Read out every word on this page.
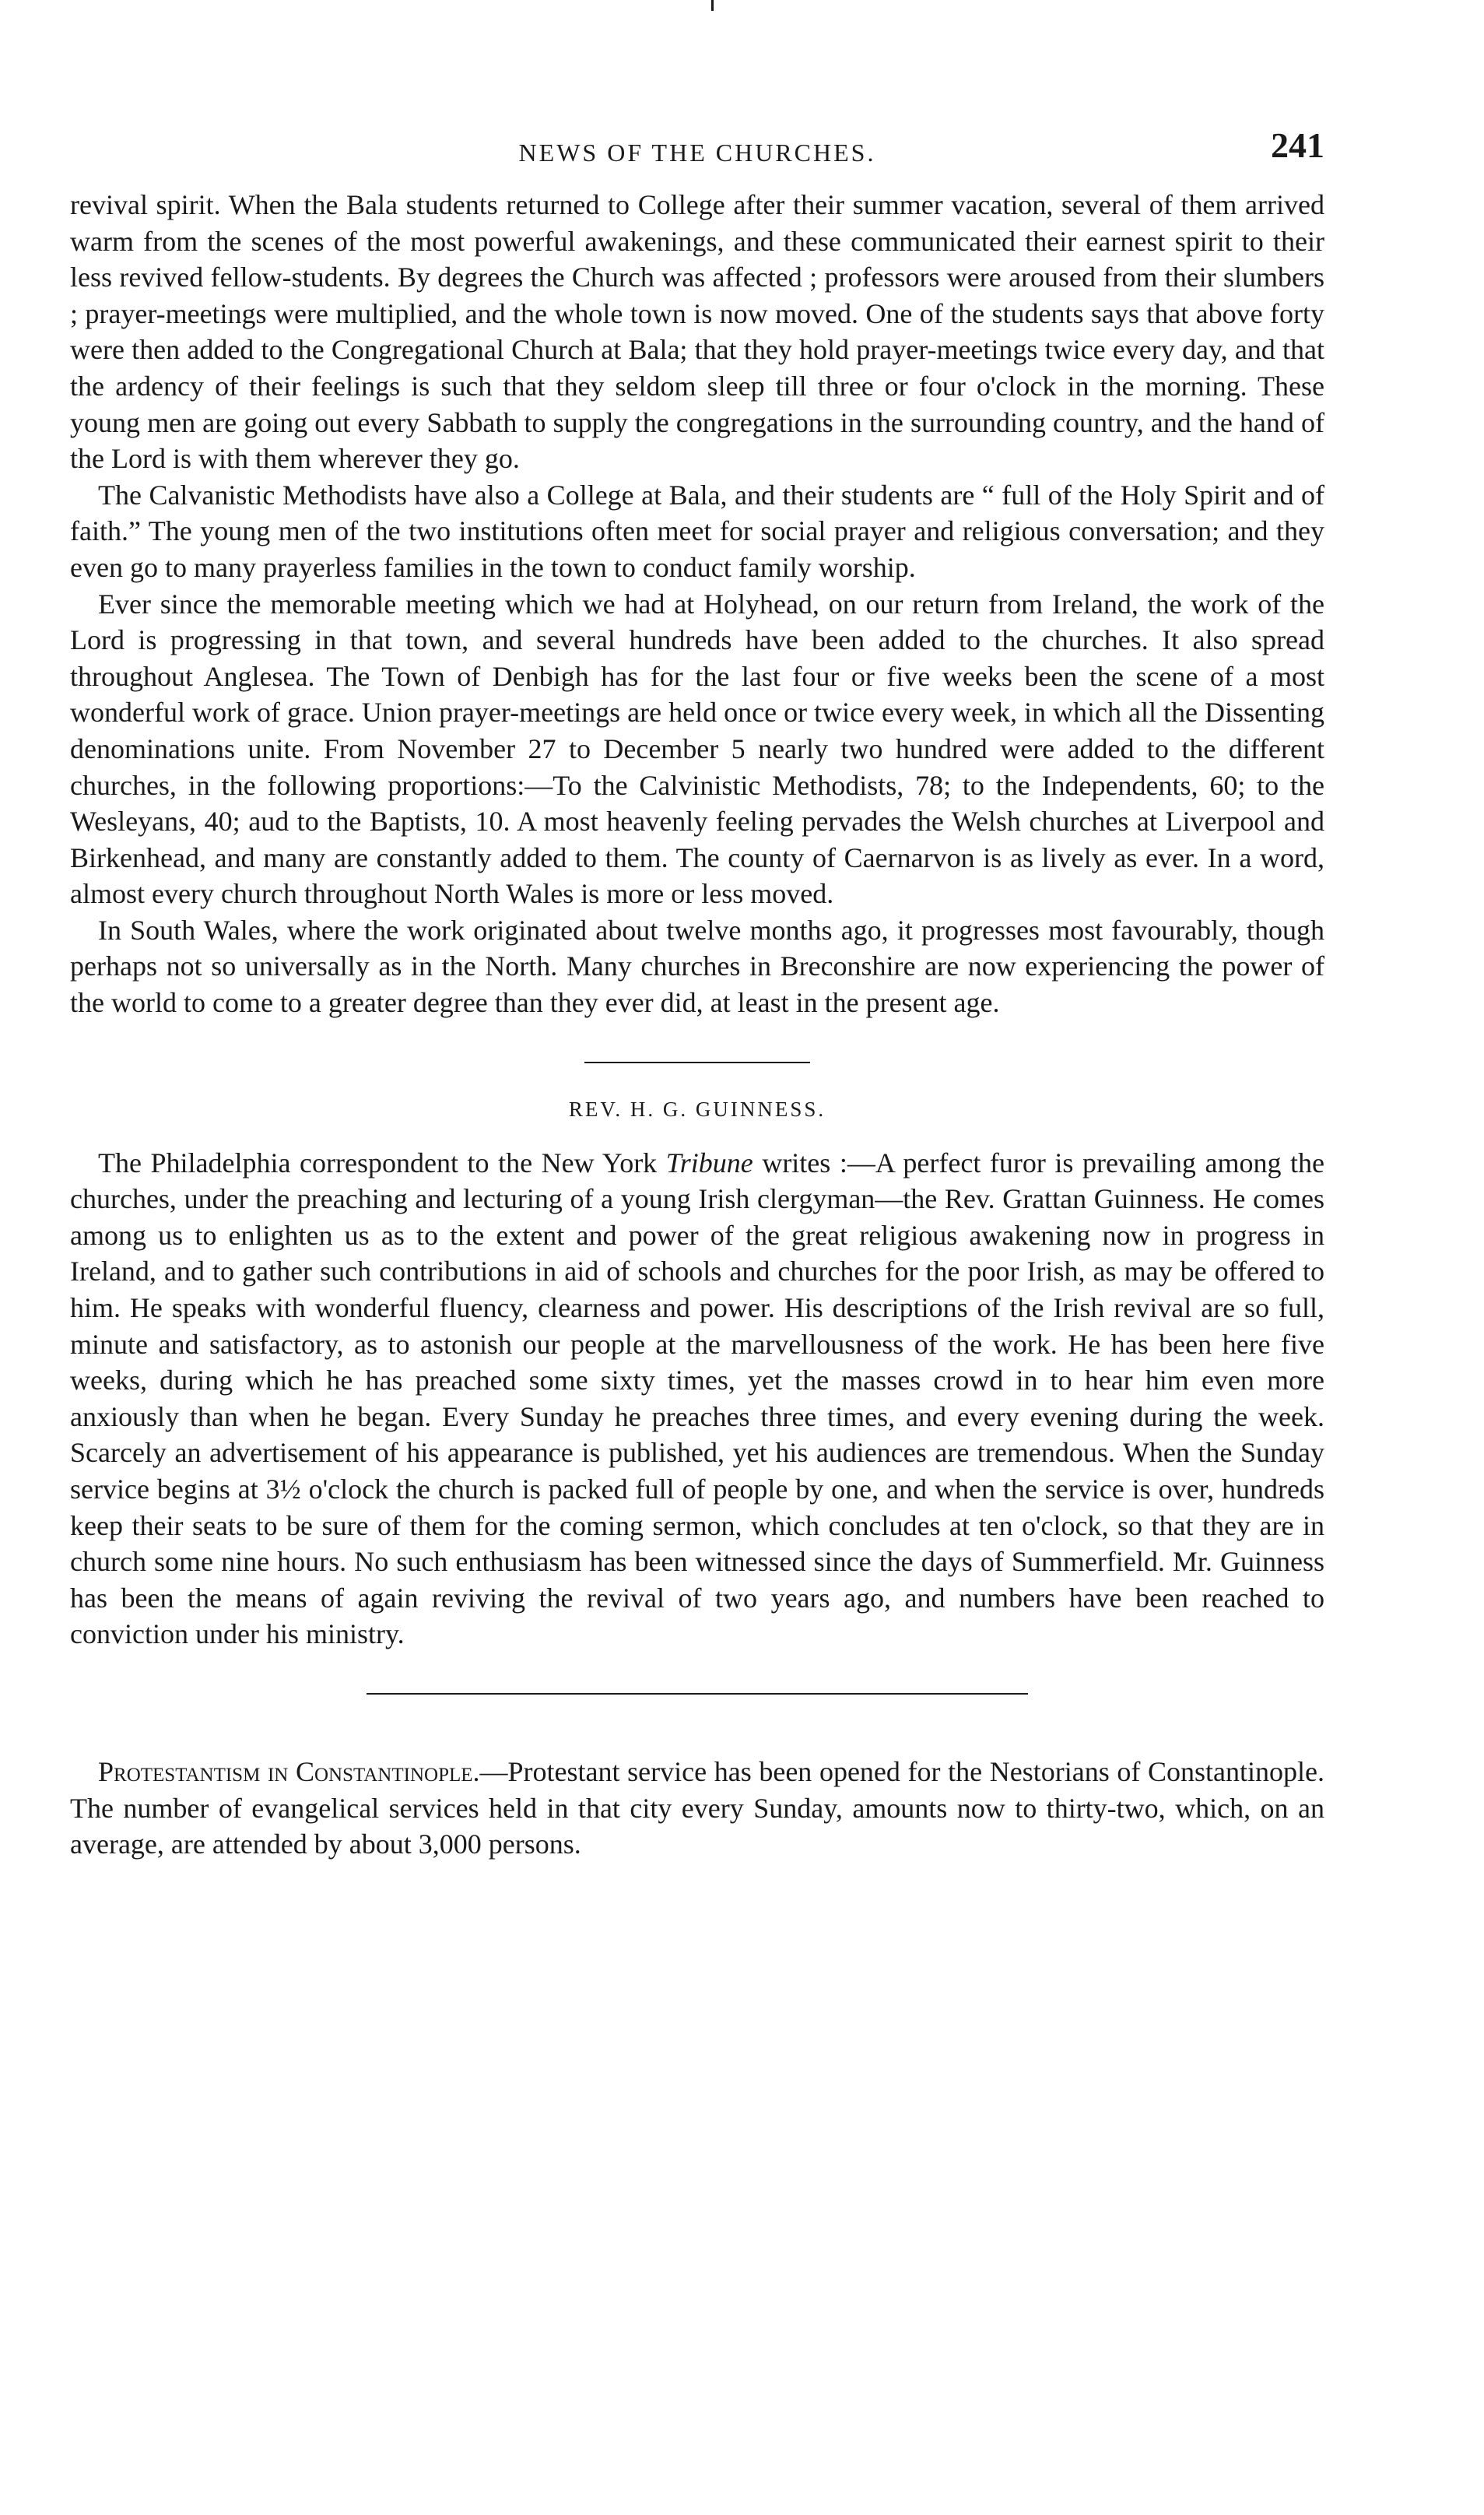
NEWS OF THE CHURCHES.	241

revival spirit. When the Bala students returned to College after their summer vacation, several of them arrived warm from the scenes of the most powerful awakenings, and these communicated their earnest spirit to their less revived fellow-students. By degrees the Church was affected ; professors were aroused from their slumbers ; prayer-meetings were multiplied, and the whole town is now moved. One of the students says that above forty were then added to the Congregational Church at Bala; that they hold prayer-meetings twice every day, and that the ardency of their feelings is such that they seldom sleep till three or four o'clock in the morning. These young men are going out every Sabbath to supply the congregations in the surrounding country, and the hand of the Lord is with them wherever they go.

The Calvanistic Methodists have also a College at Bala, and their students are “ full of the Holy Spirit and of faith.” The young men of the two institutions often meet for social prayer and religious conversation; and they even go to many prayerless families in the town to conduct family worship.

Ever since the memorable meeting which we had at Holyhead, on our return from Ireland, the work of the Lord is progressing in that town, and several hundreds have been added to the churches. It also spread throughout Anglesea. The Town of Denbigh has for the last four or five weeks been the scene of a most wonderful work of grace. Union prayer-meetings are held once or twice every week, in which all the Dissenting denominations unite. From November 27 to December 5 nearly two hundred were added to the different churches, in the following proportions:—To the Calvinistic Methodists, 78; to the Independents, 60; to the Wesleyans, 40; aud to the Baptists, 10. A most heavenly feeling pervades the Welsh churches at Liverpool and Birkenhead, and many are constantly added to them. The county of Caernarvon is as lively as ever. In a word, almost every church throughout North Wales is more or less moved.

In South Wales, where the work originated about twelve months ago, it progresses most favourably, though perhaps not so universally as in the North. Many churches in Breconshire are now experiencing the power of the world to come to a greater degree than they ever did, at least in the present age.

REV. H. G. GUINNESS.

The Philadelphia correspondent to the New York Tribune writes :—A perfect furor is prevailing among the churches, under the preaching and lecturing of a young Irish clergyman—the Rev. Grattan Guinness. He comes among us to enlighten us as to the extent and power of the great religious awakening now in progress in Ireland, and to gather such contributions in aid of schools and churches for the poor Irish, as may be offered to him. He speaks with wonderful fluency, clearness and power. His descriptions of the Irish revival are so full, minute and satisfactory, as to astonish our people at the marvellousness of the work. He has been here five weeks, during which he has preached some sixty times, yet the masses crowd in to hear him even more anxiously than when he began. Every Sunday he preaches three times, and every evening during the week. Scarcely an advertisement of his appearance is published, yet his audiences are tremendous. When the Sunday service begins at 3½ o'clock the church is packed full of people by one, and when the service is over, hundreds keep their seats to be sure of them for the coming sermon, which concludes at ten o'clock, so that they are in church some nine hours. No such enthusiasm has been witnessed since the days of Summerfield. Mr. Guinness has been the means of again reviving the revival of two years ago, and numbers have been reached to conviction under his ministry.

Protestantism in Constantinople.—Protestant service has been opened for the Nestorians of Constantinople. The number of evangelical services held in that city every Sunday, amounts now to thirty-two, which, on an average, are attended by about 3,000 persons.
